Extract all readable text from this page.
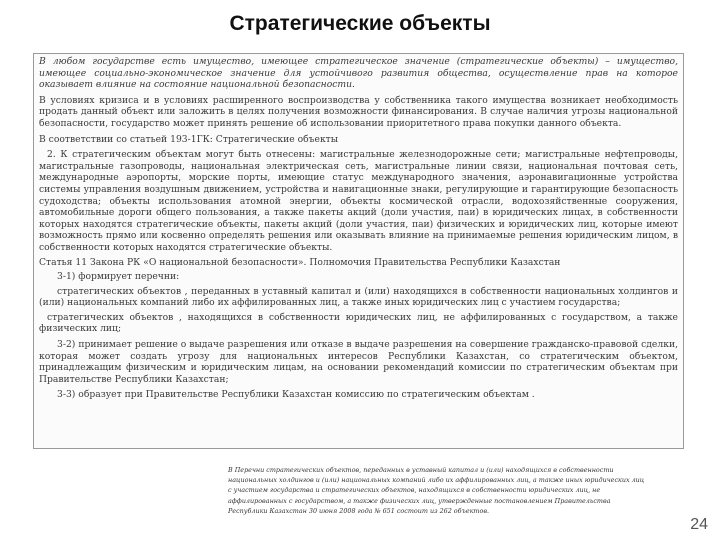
Стратегические объекты

В любом государстве есть имущество, имеющее стратегическое значение (стратегические объекты) – имущество, имеющее социально-экономическое значение для устойчивого развития общества, осуществление прав на которое оказывает влияние на состояние национальной безопасности.

В условиях кризиса и в условиях расширенного воспроизводства у собственника такого имущества возникает необходимость продать данный объект или заложить в целях получения возможности финансирования. В случае наличия угрозы национальной безопасности, государство может принять решение об использовании приоритетного права покупки данного объекта.

В соответствии со статьей 193-1ГК: Стратегические объекты

2. К стратегическим объектам могут быть отнесены: магистральные железнодорожные сети; магистральные нефтепроводы, магистральные газопроводы, национальная электрическая сеть, магистральные линии связи, национальная почтовая сеть, международные аэропорты, морские порты, имеющие статус международного значения, аэронавигационные устройства системы управления воздушным движением, устройства и навигационные знаки, регулирующие и гарантирующие безопасность судоходства; объекты использования атомной энергии, объекты космической отрасли, водохозяйственные сооружения, автомобильные дороги общего пользования, а также пакеты акций (доли участия, паи) в юридических лицах, в собственности которых находятся стратегические объекты, пакеты акций (доли участия, паи) физических и юридических лиц, которые имеют возможность прямо или косвенно определять решения или оказывать влияние на принимаемые решения юридическим лицом, в собственности которых находятся стратегические объекты.

Статья 11 Закона РК «О национальной безопасности». Полномочия Правительства Республики Казахстан

3-1) формирует перечни:

стратегических объектов , переданных в уставный капитал и (или) находящихся в собственности национальных холдингов и (или) национальных компаний либо их аффилированных лиц, а также иных юридических лиц с участием государства;

стратегических объектов , находящихся в собственности юридических лиц, не аффилированных с государством, а также физических лиц;

3-2) принимает решение о выдаче разрешения или отказе в выдаче разрешения на совершение гражданско-правовой сделки, которая может создать угрозу для национальных интересов Республики Казахстан, со стратегическим объектом, принадлежащим физическим и юридическим лицам, на основании рекомендаций комиссии по стратегическим объектам при Правительстве Республики Казахстан;

3-3) образует при Правительстве Республики Казахстан комиссию по стратегическим объектам .

В Перечни стратегических объектов, переданных в уставный капитал и (или) находящихся в собственности
национальных холдингов и (или) национальных компаний либо их аффилированных лиц, а также иных юридических лиц
с участием государства и стратегических объектов, находящихся в собственности юридических лиц, не
аффилированных с государством, а также физических лиц, утвержденные постановлением Правительства
Республики Казахстан 30 июня 2008 года № 651 состоит из 262 объектов.
24
